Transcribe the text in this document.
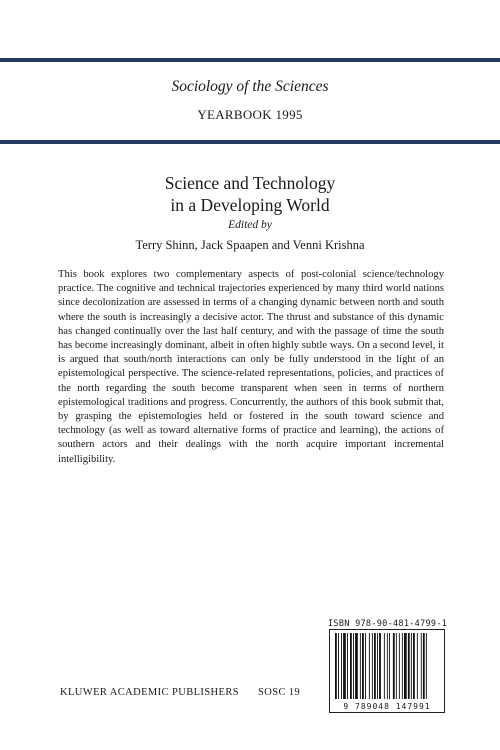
Sociology of the Sciences
YEARBOOK 1995
Science and Technology
in a Developing World
Edited by
Terry Shinn, Jack Spaapen and Venni Krishna
This book explores two complementary aspects of post-colonial science/technology practice. The cognitive and technical trajectories experienced by many third world nations since decolonization are assessed in terms of a changing dynamic between north and south where the south is increasingly a decisive actor. The thrust and substance of this dynamic has changed continually over the last half century, and with the passage of time the south has become increasingly dominant, albeit in often highly subtle ways. On a second level, it is argued that south/north interactions can only be fully understood in the light of an epistemological perspective. The science-related representations, policies, and practices of the north regarding the south become transparent when seen in terms of northern epistemological traditions and progress. Concurrently, the authors of this book submit that, by grasping the epistemologies held or fostered in the south toward science and technology (as well as toward alternative forms of practice and learning), the actions of southern actors and their dealings with the north acquire important incremental intelligibility.
ISBN 978-90-481-4799-1
9 789048 147991
KLUWER ACADEMIC PUBLISHERS SOSC 19
